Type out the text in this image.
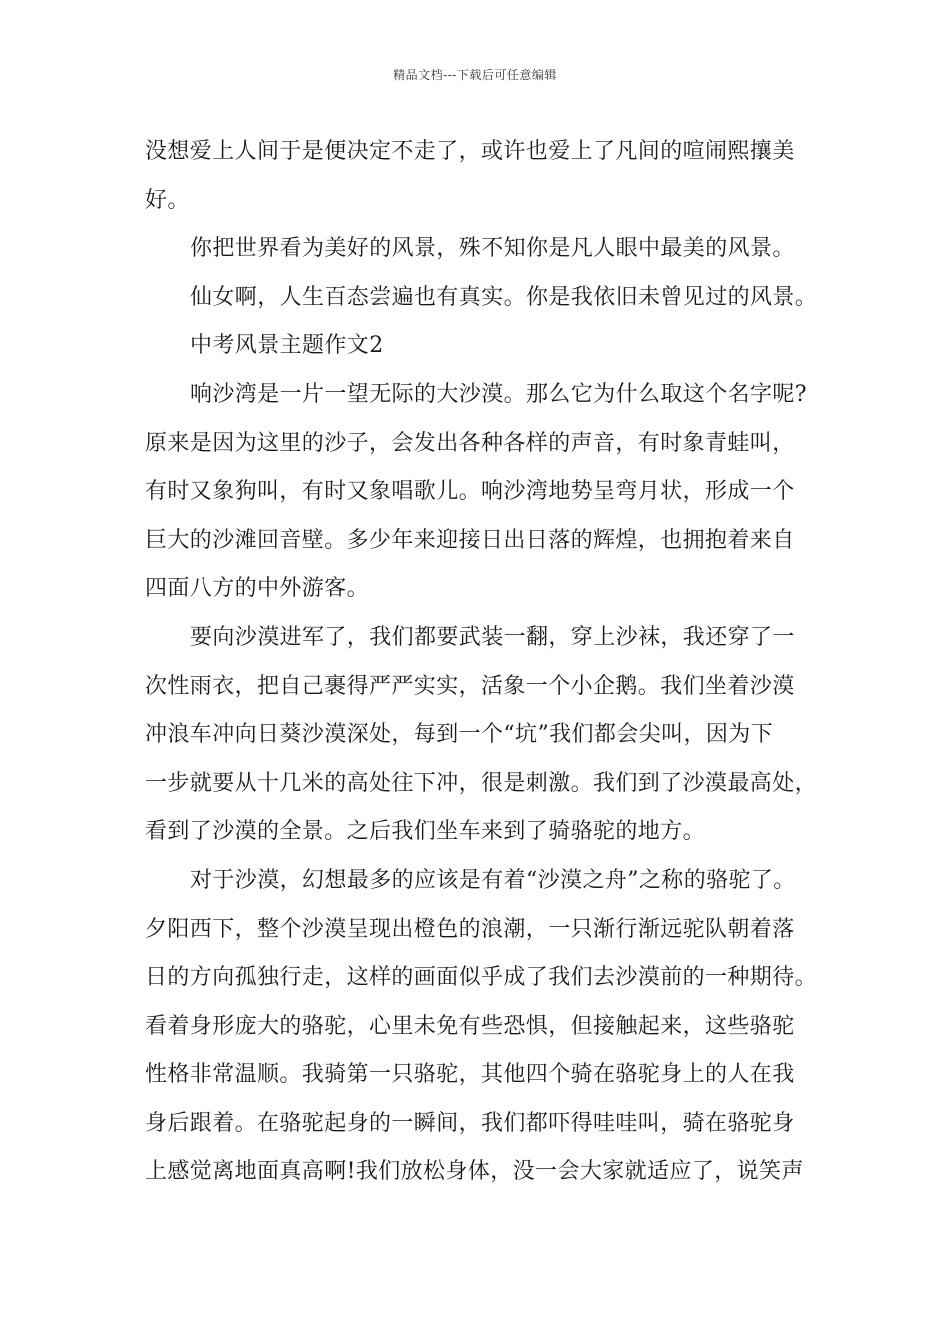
精品文档---下载后可任意编辑
没想爱上人间于是便决定不走了，或许也爱上了凡间的喧闹熙攘美
好。
你把世界看为美好的风景，殊不知你是凡人眼中最美的风景。
仙女啊，人生百态尝遍也有真实。你是我依旧未曾见过的风景。
中考风景主题作文2
响沙湾是一片一望无际的大沙漠。那么它为什么取这个名字呢?
原来是因为这里的沙子，会发出各种各样的声音，有时象青蛙叫，
有时又象狗叫，有时又象唱歌儿。响沙湾地势呈弯月状，形成一个
巨大的沙滩回音壁。多少年来迎接日出日落的辉煌，也拥抱着来自
四面八方的中外游客。
要向沙漠进军了，我们都要武装一翻，穿上沙袜，我还穿了一
次性雨衣，把自己裹得严严实实，活象一个小企鹅。我们坐着沙漠
冲浪车冲向日葵沙漠深处，每到一个“坑”我们都会尖叫，因为下
一步就要从十几米的高处往下冲，很是刺激。我们到了沙漠最高处，
看到了沙漠的全景。之后我们坐车来到了骑骆驼的地方。
对于沙漠，幻想最多的应该是有着“沙漠之舟”之称的骆驼了。
夕阳西下，整个沙漠呈现出橙色的浪潮，一只渐行渐远驼队朝着落
日的方向孤独行走，这样的画面似乎成了我们去沙漠前的一种期待。
看着身形庞大的骆驼，心里未免有些恐惧，但接触起来，这些骆驼
性格非常温顺。我骑第一只骆驼，其他四个骑在骆驼身上的人在我
身后跟着。在骆驼起身的一瞬间，我们都吓得哇哇叫，骑在骆驼身
上感觉离地面真高啊!我们放松身体，没一会大家就适应了，说笑声
